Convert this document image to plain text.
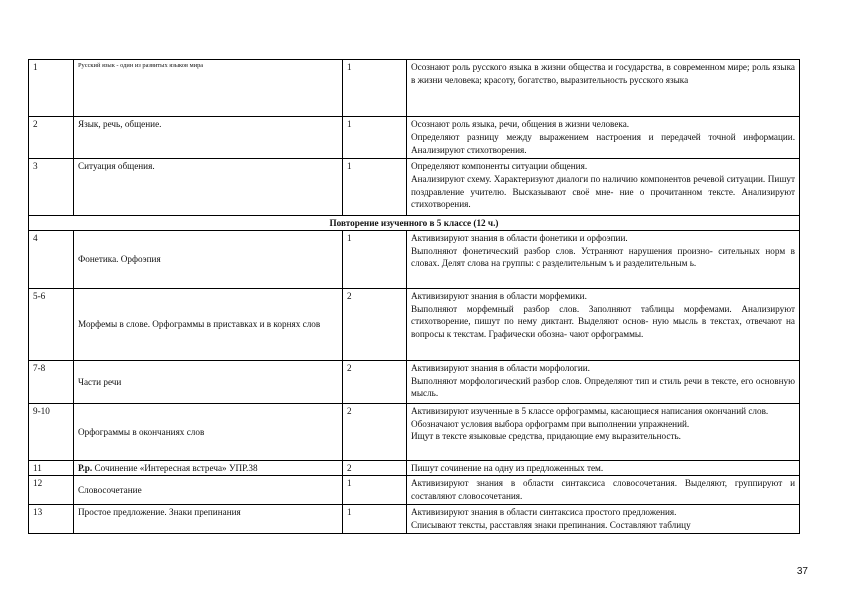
1	Русский язык - один из развитых языков мира	1	Осознают роль русского языка в жизни общества и государства, в современном мире; роль языка в жизни человека; красоту, богатство, выразительность русского языка

2	Язык, речь, общение.	1	Осознают роль языка, речи, общения в жизни человека.
Определяют разницу между выражением настроения и передачей точной информации. Анализируют стихотворения.

3	Ситуация общения.	1	Определяют компоненты ситуации общения.
Анализируют схему. Характеризуют диалоги по наличию компонентов речевой ситуации. Пишут поздравление учителю. Высказывают своё мне- ние о прочитанном тексте. Анализируют стихотворения.

Повторение изученного в 5 классе (12 ч.)			
4	Фонетика. Орфоэпия	1	Активизируют знания в области фонетики и орфоэпии.
Выполняют фонетический разбор слов. Устраняют нарушения произно- сительных норм в словах. Делят слова на группы: с разделительным ъ и разделительным ь.

5-6	Морфемы в слове. Орфограммы в приставках и в корнях слов	2	Активизируют знания в области морфемики.
Выполняют морфемный разбор слов. Заполняют таблицы морфемами. Анализируют стихотворение, пишут по нему диктант. Выделяют основ- ную мысль в текстах, отвечают на вопросы к текстам. Графически обозна- чают орфограммы.

7-8	Части речи	2	Активизируют знания в области морфологии.
Выполняют морфологический разбор слов. Определяют тип и стиль речи в тексте, его основную мысль.

9-10	Орфограммы в окончаниях слов	2	Активизируют изученные в 5 классе орфограммы, касающиеся написания окончаний слов.
Обозначают условия выбора орфограмм при выполнении упражнений.
Ищут в тексте языковые средства, придающие ему выразительность.

11	Р.р. Сочинение «Интересная встреча» УПР.38	2	Пишут сочинение на одну из предложенных тем.

12	Словосочетание	1	Активизируют знания в области синтаксиса словосочетания. Выделяют, группируют и составляют словосочетания.

13	Простое предложение. Знаки препинания	1	Активизируют знания в области синтаксиса простого предложения.
Списывают тексты, расставляя знаки препинания. Составляют таблицу
37
